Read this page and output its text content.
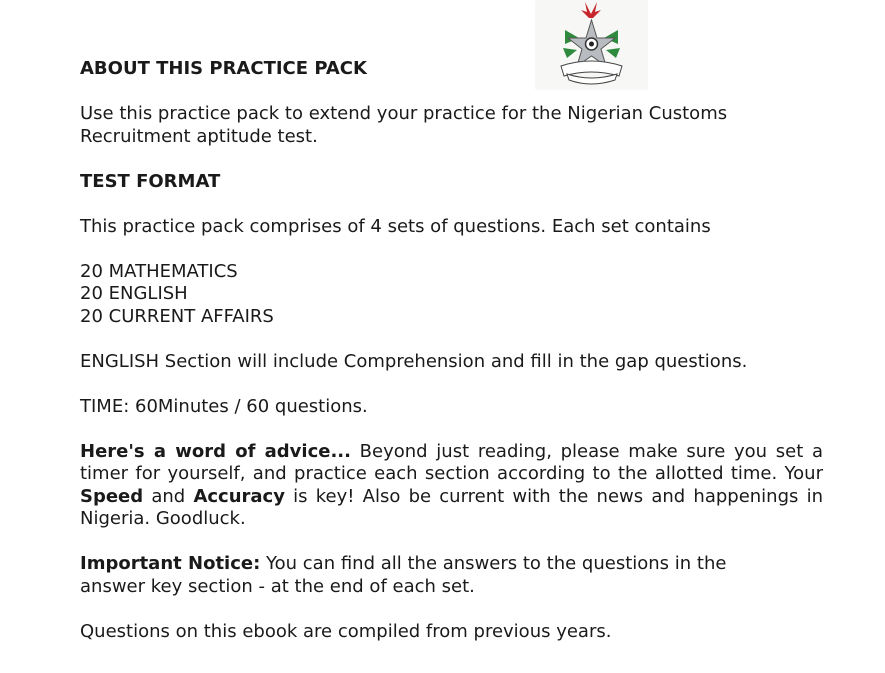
ABOUT THIS PRACTICE PACK

Use this practice pack to extend your practice for the Nigerian Customs Recruitment aptitude test.

TEST FORMAT

This practice pack comprises of 4 sets of questions. Each set contains

20 MATHEMATICS

20 ENGLISH

20 CURRENT AFFAIRS

ENGLISH Section will include Comprehension and fill in the gap questions.

TIME: 60Minutes / 60 questions.

Here's a word of advice... Beyond just reading, please make sure you set a timer for yourself, and practice each section according to the allotted time. Your Speed and Accuracy is key! Also be current with the news and happenings in Nigeria. Goodluck.

Important Notice: You can find all the answers to the questions in the answer key section - at the end of each set.

Questions on this ebook are compiled from previous years.
